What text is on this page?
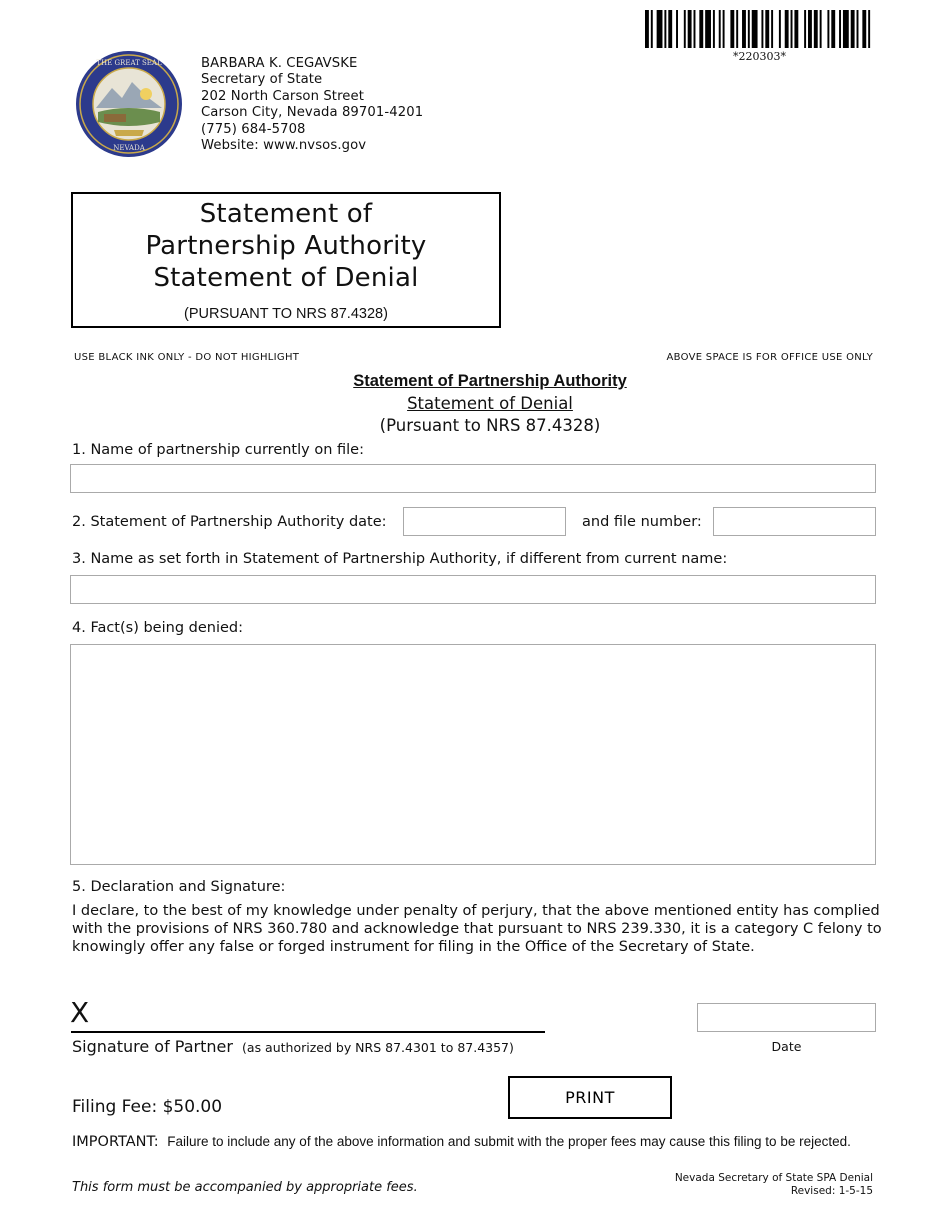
THE GREAT SEAL
NEVADA
BARBARA K. CEGAVSKE
Secretary of State
202 North Carson Street
Carson City, Nevada 89701-4201
(775) 684-5708
Website: www.nvsos.gov
*220303*
Statement of
Partnership Authority
Statement of Denial
(PURSUANT TO NRS 87.4328)
USE BLACK INK ONLY - DO NOT HIGHLIGHT	ABOVE SPACE IS FOR OFFICE USE ONLY
Statement of Partnership Authority
Statement of Denial
(Pursuant to NRS 87.4328)
1. Name of partnership currently on file:
2. Statement of Partnership Authority date:	and file number:
3. Name as set forth in Statement of Partnership Authority, if different from current name:
4. Fact(s) being denied:
5. Declaration and Signature:
I declare, to the best of my knowledge under penalty of perjury, that the above mentioned entity has complied with the provisions of NRS 360.780 and acknowledge that pursuant to NRS 239.330, it is a category C felony to knowingly offer any false or forged instrument for filing in the Office of the Secretary of State.
X
Signature of Partner (as authorized by NRS 87.4301 to 87.4357)	Date
Filing Fee: $50.00	PRINT
IMPORTANT: Failure to include any of the above information and submit with the proper fees may cause this filing to be rejected.
This form must be accompanied by appropriate fees.
Nevada Secretary of State SPA Denial
Revised: 1-5-15
